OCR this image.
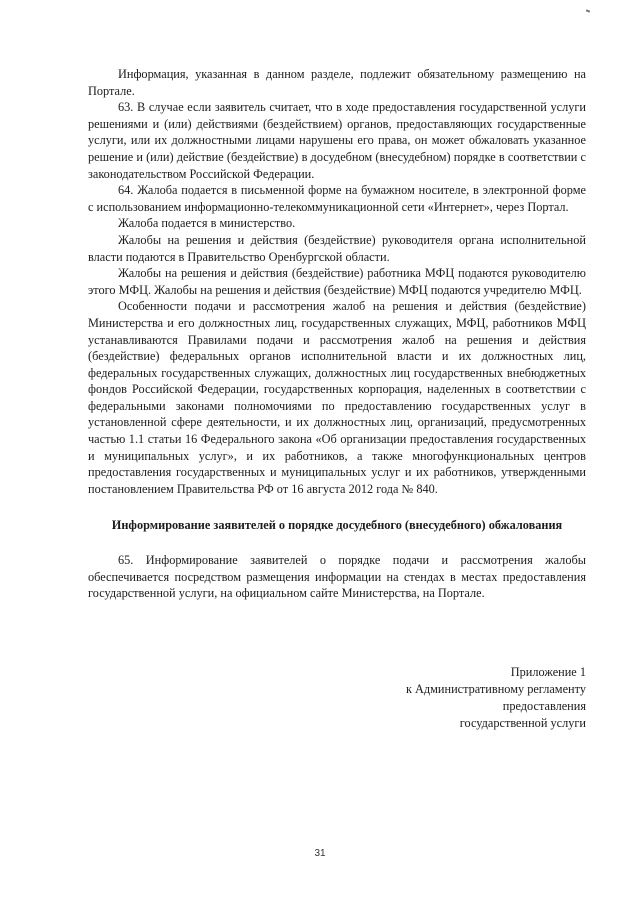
Информация, указанная в данном разделе, подлежит обязательному размещению на Портале.

63. В случае если заявитель считает, что в ходе предоставления государственной услуги решениями и (или) действиями (бездействием) органов, предоставляющих государственные услуги, или их должностными лицами нарушены его права, он может обжаловать указанное решение и (или) действие (бездействие) в досудебном (внесудебном) порядке в соответствии с законодательством Российской Федерации.

64. Жалоба подается в письменной форме на бумажном носителе, в электронной форме с использованием информационно-телекоммуникационной сети «Интернет», через Портал.

Жалоба подается в министерство.

Жалобы на решения и действия (бездействие) руководителя органа исполнительной власти подаются в Правительство Оренбургской области.

Жалобы на решения и действия (бездействие) работника МФЦ подаются руководителю этого МФЦ. Жалобы на решения и действия (бездействие) МФЦ подаются учредителю МФЦ.

Особенности подачи и рассмотрения жалоб на решения и действия (бездействие) Министерства и его должностных лиц, государственных служащих, МФЦ, работников МФЦ устанавливаются Правилами подачи и рассмотрения жалоб на решения и действия (бездействие) федеральных органов исполнительной власти и их должностных лиц, федеральных государственных служащих, должностных лиц государственных внебюджетных фондов Российской Федерации, государственных корпорация, наделенных в соответствии с федеральными законами полномочиями по предоставлению государственных услуг в установленной сфере деятельности, и их должностных лиц, организаций, предусмотренных частью 1.1 статьи 16 Федерального закона «Об организации предоставления государственных и муниципальных услуг», и их работников, а также многофункциональных центров предоставления государственных и муниципальных услуг и их работников, утвержденными постановлением Правительства РФ от 16 августа 2012 года № 840.

Информирование заявителей о порядке досудебного (внесудебного) обжалования

65. Информирование заявителей о порядке подачи и рассмотрения жалобы обеспечивается посредством размещения информации на стендах в местах предоставления государственной услуги, на официальном сайте Министерства, на Портале.

Приложение 1
к Административному регламенту
предоставления
государственной услуги

31
